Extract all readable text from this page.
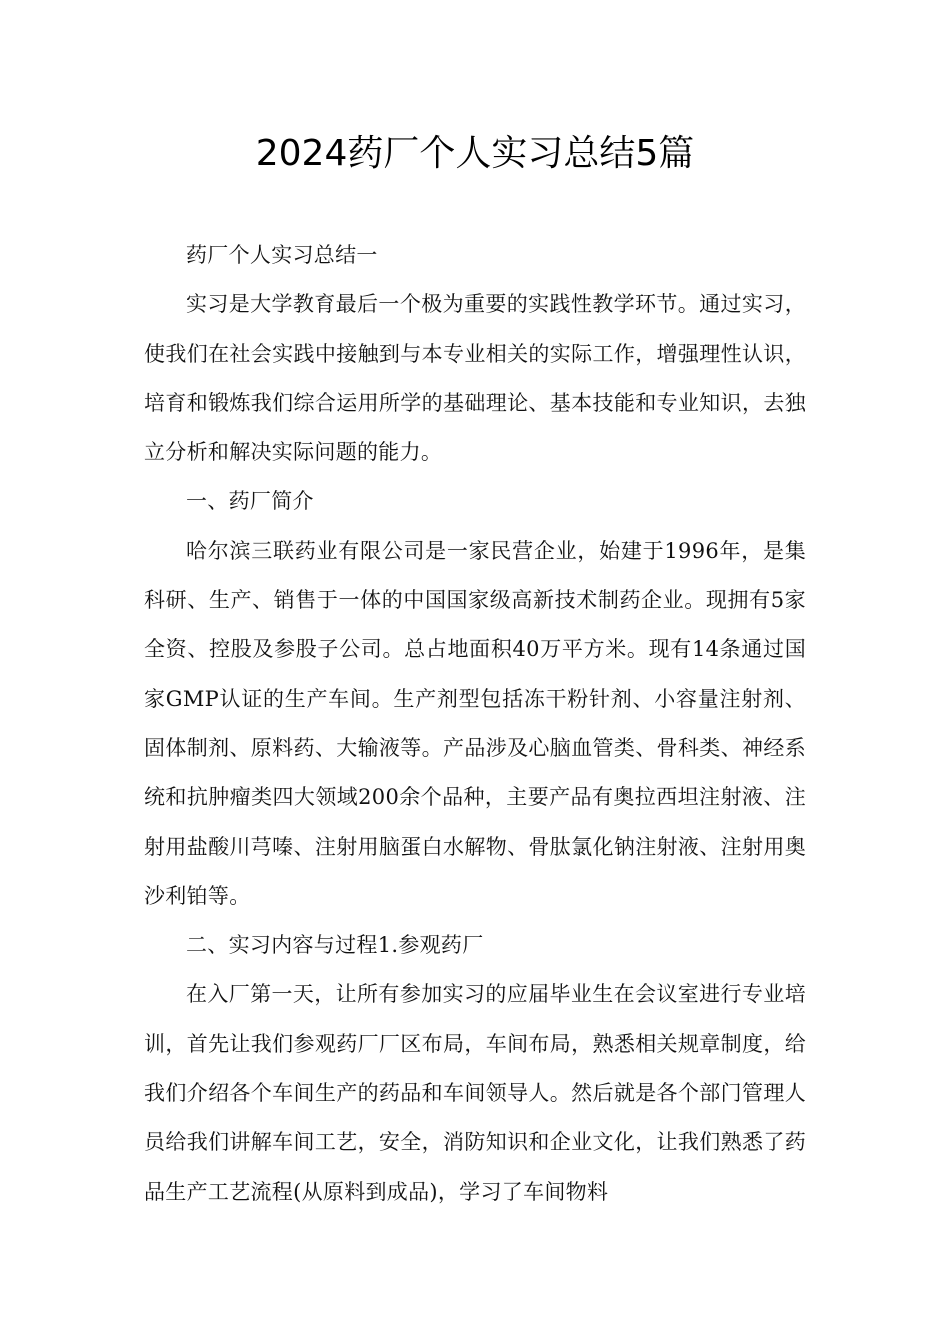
2024药厂个人实习总结5篇

药厂个人实习总结一

实习是大学教育最后一个极为重要的实践性教学环节。通过实习，使我们在社会实践中接触到与本专业相关的实际工作，增强理性认识，培育和锻炼我们综合运用所学的基础理论、基本技能和专业知识，去独立分析和解决实际问题的能力。

一、药厂简介

哈尔滨三联药业有限公司是一家民营企业，始建于1996年，是集科研、生产、销售于一体的中国国家级高新技术制药企业。现拥有5家全资、控股及参股子公司。总占地面积40万平方米。现有14条通过国家GMP认证的生产车间。生产剂型包括冻干粉针剂、小容量注射剂、固体制剂、原料药、大输液等。产品涉及心脑血管类、骨科类、神经系统和抗肿瘤类四大领域200余个品种，主要产品有奥拉西坦注射液、注射用盐酸川芎嗪、注射用脑蛋白水解物、骨肽氯化钠注射液、注射用奥沙利铂等。

二、实习内容与过程1.参观药厂

在入厂第一天，让所有参加实习的应届毕业生在会议室进行专业培训，首先让我们参观药厂厂区布局，车间布局，熟悉相关规章制度，给我们介绍各个车间生产的药品和车间领导人。然后就是各个部门管理人员给我们讲解车间工艺，安全，消防知识和企业文化，让我们熟悉了药品生产工艺流程(从原料到成品)，学习了车间物料
